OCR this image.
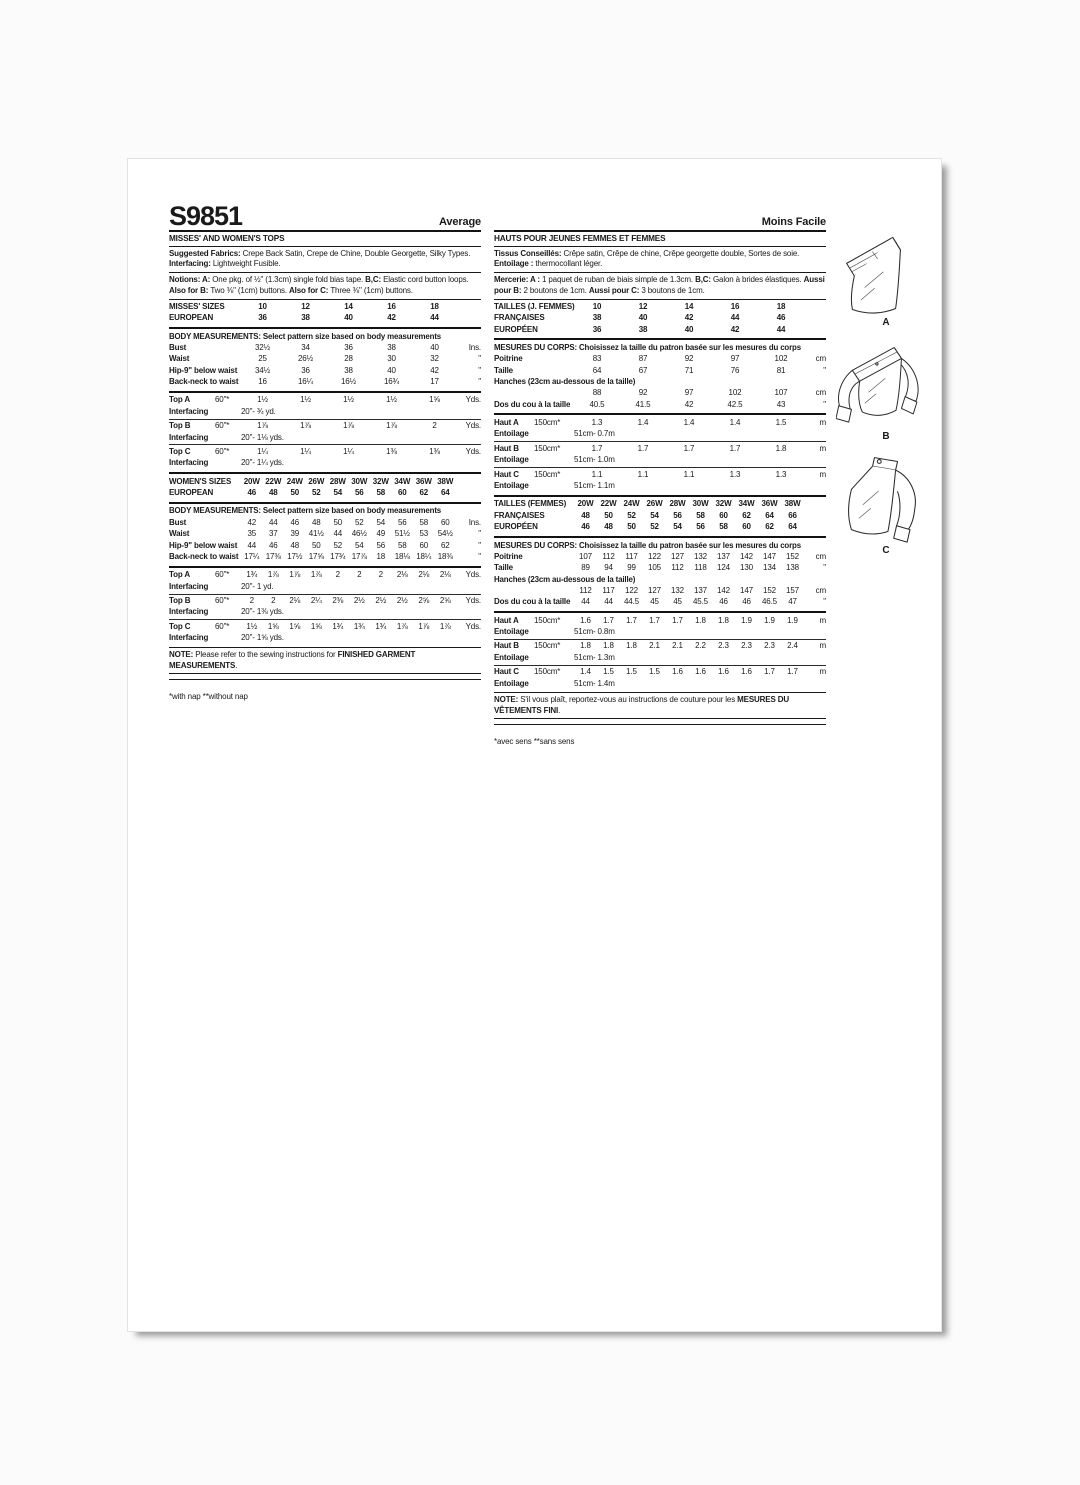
S9851	Average
MISSES' AND WOMEN'S TOPS
Suggested Fabrics: Crepe Back Satin, Crepe de Chine, Double Georgette, Silky Types. Interfacing: Lightweight Fusible.
Notions: A: One pkg. of ½" (1.3cm) single fold bias tape. B,C: Elastic cord button loops. Also for B: Two ⅜" (1cm) buttons. Also for C: Three ⅜" (1cm) buttons.
MISSES' SIZES	10	12	14	16	18
EUROPEAN	36	38	40	42	44
BODY MEASUREMENTS: Select pattern size based on body measurements
Bust	32½	34	36	38	40	Ins.
Waist	25	26½	28	30	32	"
Hip-9" below waist	34½	36	38	40	42	"
Back-neck to waist	16	16¼	16½	16¾	17	"
Top A	60"*	1½	1½	1½	1½	1⅝	Yds.
Interfacing	20"- ¾ yd.
Top B	60"*	1⅞	1⅞	1⅞	1⅞	2	Yds.
Interfacing	20"- 1⅛ yds.
Top C	60"*	1¼	1¼	1¼	1⅜	1⅜	Yds.
Interfacing	20"- 1¼ yds.
WOMEN'S SIZES	20W 22W 24W 26W 28W 30W 32W 34W 36W 38W
EUROPEAN	46	48	50	52	54	56	58	60	62	64
BODY MEASUREMENTS: Select pattern size based on body measurements
Bust	42	44	46	48	50	52	54	56	58	60	Ins.
Waist	35	37	39	41½	44	46½	49	51½	53	54½	"
Hip-9" below waist	44	46	48	50	52	54	56	58	60	62	"
Back-neck to waist 17¼ 17⅜ 17½ 17⅝ 17¾ 17⅞	18	18⅛ 18¼ 18⅜	"
Top A	60"*	1¾	1⅞	1⅞	1⅞	2	2	2	2⅛	2⅛	2⅛	Yds.
Interfacing	20"- 1 yd.
Top B	60"*	2	2	2⅛	2¼	2⅜	2½	2½	2½	2⅝	2⅝	Yds.
Interfacing	20"- 1⅜ yds.
Top C	60"*	1½	1⅝	1⅝	1⅝	1¾	1¾	1¾	1⅞	1⅞	1⅞	Yds.
Interfacing	20"- 1⅝ yds.
NOTE: Please refer to the sewing instructions for FINISHED GARMENT MEASUREMENTS.
*with nap **without nap
Moins Facile
HAUTS POUR JEUNES FEMMES ET FEMMES
Tissus Conseillés: Crêpe satin, Crêpe de chine, Crêpe georgette double, Sortes de soie. Entoilage : thermocollant léger.
Mercerie: A : 1 paquet de ruban de biais simple de 1.3cm. B,C: Galon à brides élastiques. Aussi pour B: 2 boutons de 1cm. Aussi pour C: 3 boutons de 1cm.
TAILLES (J. FEMMES)	10	12	14	16	18
FRANÇAISES	38	40	42	44	46
EUROPÉEN	36	38	40	42	44
MESURES DU CORPS: Choisissez la taille du patron basée sur les mesures du corps
Poitrine	83	87	92	97	102	cm
Taille	64	67	71	76	81	"
Hanches (23cm au-dessous de la taille)
88	92	97	102	107	cm
Dos du cou à la taille	40.5	41.5	42	42.5	43	"
Haut A	150cm*	1.3	1.4	1.4	1.4	1.5	m
Entoilage	51cm- 0.7m
Haut B	150cm*	1.7	1.7	1.7	1.7	1.8	m
Entoilage	51cm- 1.0m
Haut C	150cm*	1.1	1.1	1.1	1.3	1.3	m
Entoilage	51cm- 1.1m
TAILLES (FEMMES)	20W 22W 24W 26W 28W 30W 32W 34W 36W 38W
FRANÇAISES	48	50	52	54	56	58	60	62	64	66
EUROPÉEN	46	48	50	52	54	56	58	60	62	64
MESURES DU CORPS: Choisissez la taille du patron basée sur les mesures du corps
Poitrine	107	112	117	122	127	132	137	142	147	152	cm
Taille	89	94	99	105	112	118	124	130	134	138	"
Hanches (23cm au-dessous de la taille)
112	117	122	127	132	137	142	147	152	157	cm
Dos du cou à la taille	44	44	44.5	45	45	45.5	46	46	46.5	47	"
Haut A	150cm*	1.6	1.7	1.7	1.7	1.7	1.8	1.8	1.9	1.9	1.9	m
Entoilage	51cm- 0.8m
Haut B	150cm*	1.8	1.8	1.8	2.1	2.1	2.2	2.3	2.3	2.3	2.4	m
Entoilage	51cm- 1.3m
Haut C	150cm*	1.4	1.5	1.5	1.5	1.6	1.6	1.6	1.6	1.7	1.7	m
Entoilage	51cm- 1.4m
NOTE: S'il vous plaît, reportez-vous au instructions de couture pour les MESURES DU VÊTEMENTS FINI.
*avec sens **sans sens
A
B
C
